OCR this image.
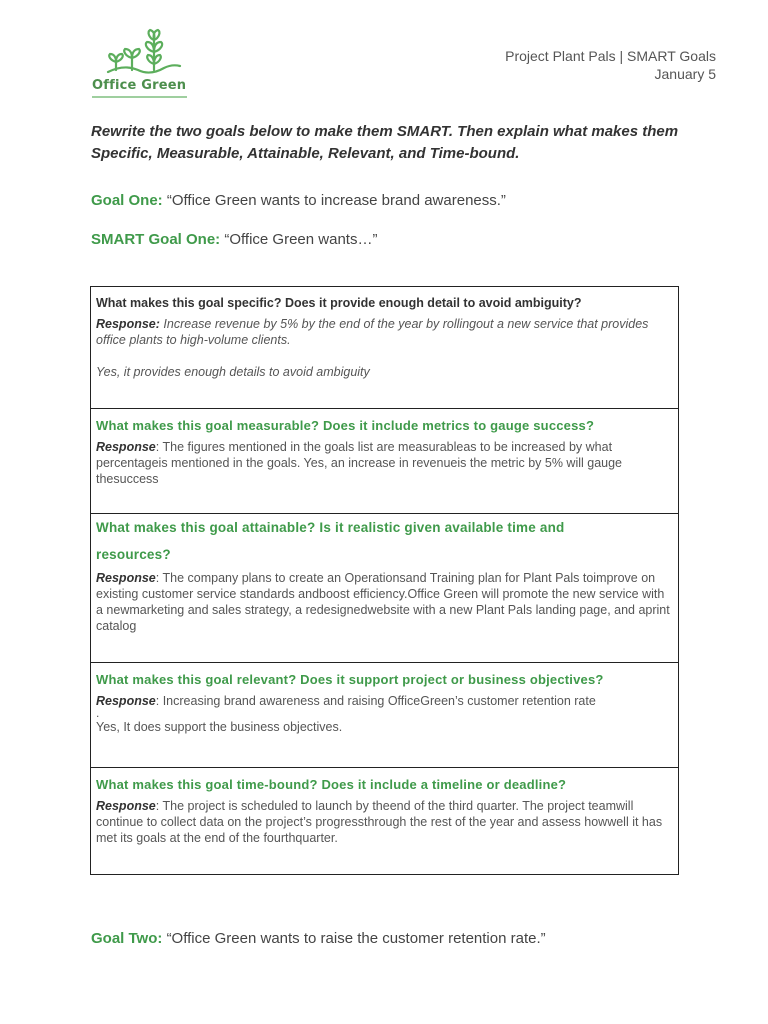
Office Green
Project Plant Pals | SMART Goals
January 5
Rewrite the two goals below to make them SMART. Then explain what makes them Specific, Measurable, Attainable, Relevant, and Time-bound.
Goal One: “Office Green wants to increase brand awareness.”
SMART Goal One: “Office Green wants…”
What makes this goal specific? Does it provide enough detail to avoid ambiguity?
Response: Increase revenue by 5% by the end of the year by rollingout a new service that provides office plants to high-volume clients.
Yes, it provides enough details to avoid ambiguity

What makes this goal measurable? Does it include metrics to gauge success?
Response: The figures mentioned in the goals list are measurableas to be increased by what percentageis mentioned in the goals. Yes, an increase in revenueis the metric by 5% will gauge thesuccess

What makes this goal attainable? Is it realistic given available time and
resources?
Response: The company plans to create an Operationsand Training plan for Plant Pals toimprove on existing customer service standards andboost efficiency.Office Green will promote the new service with a newmarketing and sales strategy, a redesignedwebsite with a new Plant Pals landing page, and aprint catalog

What makes this goal relevant? Does it support project or business objectives?
Response: Increasing brand awareness and raising OfficeGreen’s customer retention rate
.
Yes, It does support the business objectives.

What makes this goal time-bound? Does it include a timeline or deadline?
Response: The project is scheduled to launch by theend of the third quarter. The project teamwill continue to collect data on the project’s progressthrough the rest of the year and assess howwell it has met its goals at the end of the fourthquarter.
Goal Two: “Office Green wants to raise the customer retention rate.”
